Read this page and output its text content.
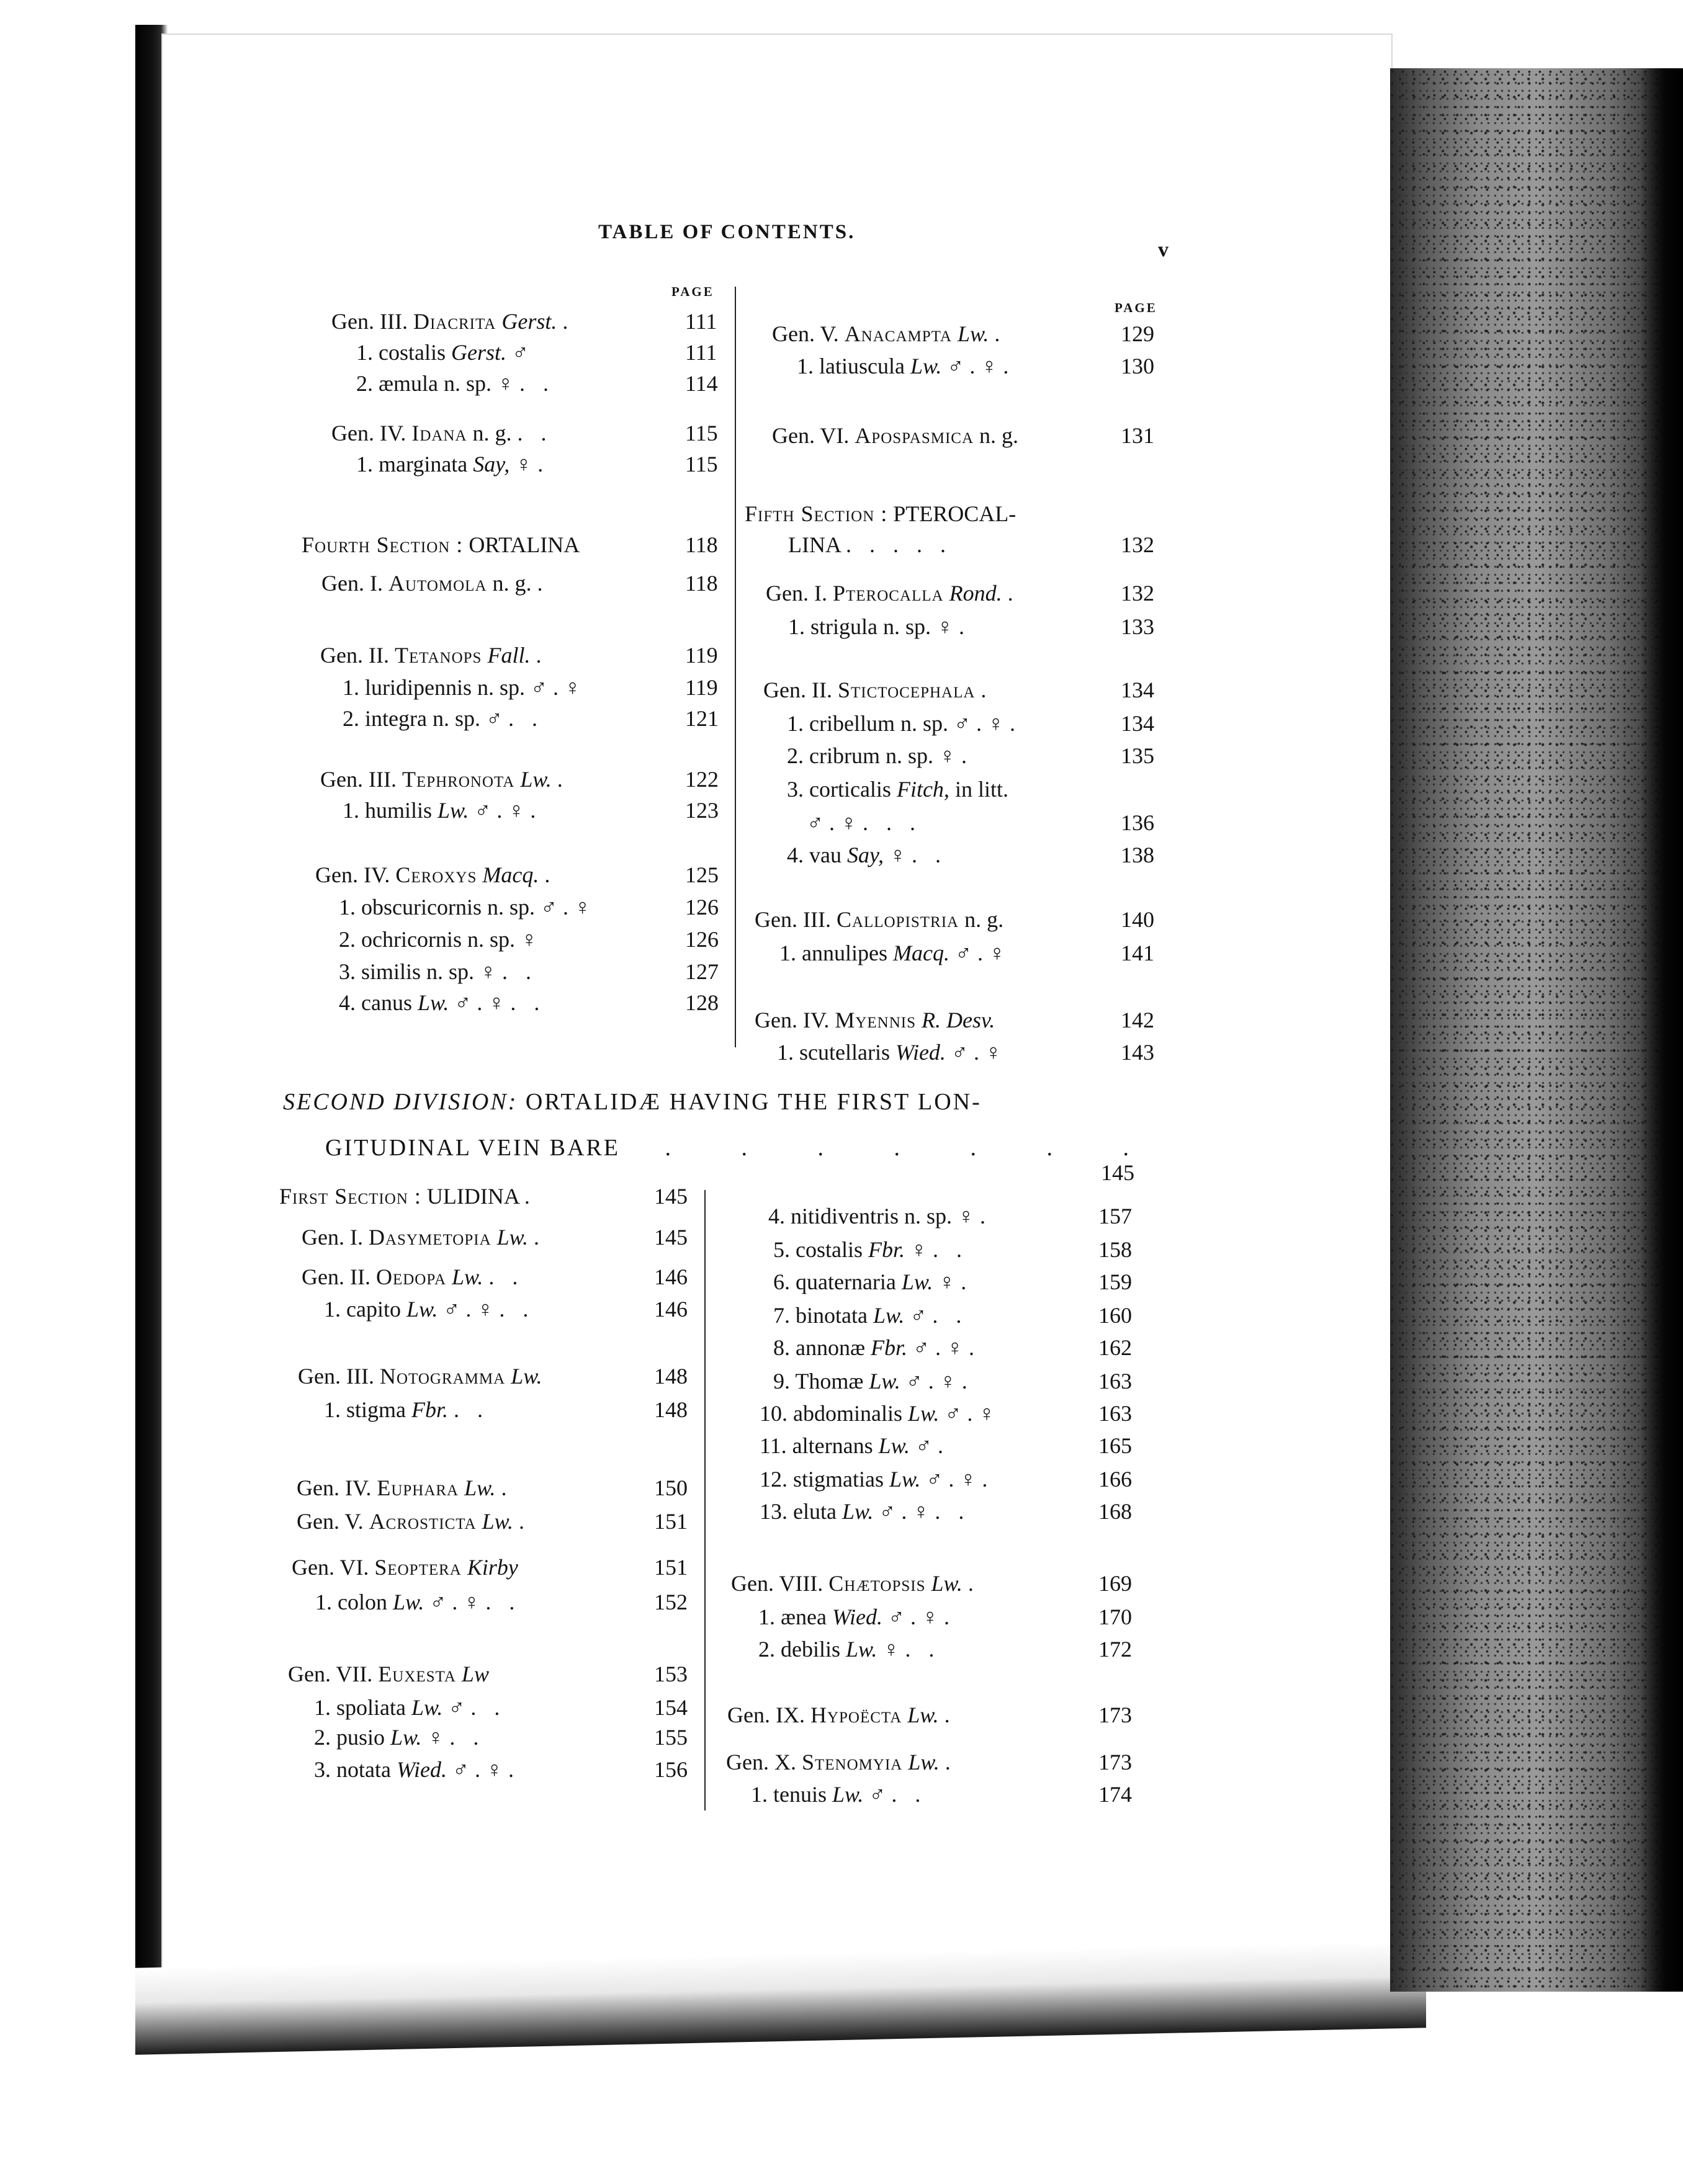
TABLE OF CONTENTS.
v
PAGE
PAGE
Gen. III. Diacrita Gerst. .	111
1. costalis Gerst. ♂	111
2. æmula n. sp. ♀ . .	114
Gen. IV. Idana n. g. . .	115
1. marginata Say, ♀ .	115
Fourth Section : ORTALINA	118
Gen. I. Automola n. g. .	118
Gen. II. Tetanops Fall. .	119
1. luridipennis n. sp. ♂ . ♀	119
2. integra n. sp. ♂ . .	121
Gen. III. Tephronota Lw. .	122
1. humilis Lw. ♂ . ♀ .	123
Gen. IV. Ceroxys Macq. .	125
1. obscuricornis n. sp. ♂ . ♀	126
2. ochricornis n. sp. ♀	126
3. similis n. sp. ♀ . .	127
4. canus Lw. ♂ . ♀ . .	128
Gen. V. Anacampta Lw. .	129
1. latiuscula Lw. ♂ . ♀ .	130
Gen. VI. Apospasmica n. g.	131
Fifth Section : PTEROCAL-
LINA . . . . .	132
Gen. I. Pterocalla Rond. .	132
1. strigula n. sp. ♀ .	133
Gen. II. Stictocephala .	134
1. cribellum n. sp. ♂ . ♀ .	134
2. cribrum n. sp. ♀ .	135
3. corticalis Fitch, in litt.
♂ . ♀ . . .	136
4. vau Say, ♀ . .	138
Gen. III. Callopistria n. g.	140
1. annulipes Macq. ♂ . ♀	141
Gen. IV. Myennis R. Desv.	142
1. scutellaris Wied. ♂ . ♀	143
SECOND DIVISION: ORTALIDÆ HAVING THE FIRST LON-
GITUDINAL VEIN BARE . . . . . . .
145
First Section : ULIDINA .	145
Gen. I. Dasymetopia Lw. .	145
Gen. II. Oedopa Lw. . .	146
1. capito Lw. ♂ . ♀ . .	146
Gen. III. Notogramma Lw.	148
1. stigma Fbr. . .	148
Gen. IV. Euphara Lw. .	150
Gen. V. Acrosticta Lw. .	151
Gen. VI. Seoptera Kirby	151
1. colon Lw. ♂ . ♀ . .	152
Gen. VII. Euxesta Lw	153
1. spoliata Lw. ♂ . .	154
2. pusio Lw. ♀ . .	155
3. notata Wied. ♂ . ♀ .	156
4. nitidiventris n. sp. ♀ .	157
5. costalis Fbr. ♀ . .	158
6. quaternaria Lw. ♀ .	159
7. binotata Lw. ♂ . .	160
8. annonæ Fbr. ♂ . ♀ .	162
9. Thomæ Lw. ♂ . ♀ .	163
10. abdominalis Lw. ♂ . ♀	163
11. alternans Lw. ♂ .	165
12. stigmatias Lw. ♂ . ♀ .	166
13. eluta Lw. ♂ . ♀ . .	168
Gen. VIII. Chætopsis Lw. .	169
1. ænea Wied. ♂ . ♀ .	170
2. debilis Lw. ♀ . .	172
Gen. IX. Hypoëcta Lw. .	173
Gen. X. Stenomyia Lw. .	173
1. tenuis Lw. ♂ . .	174
